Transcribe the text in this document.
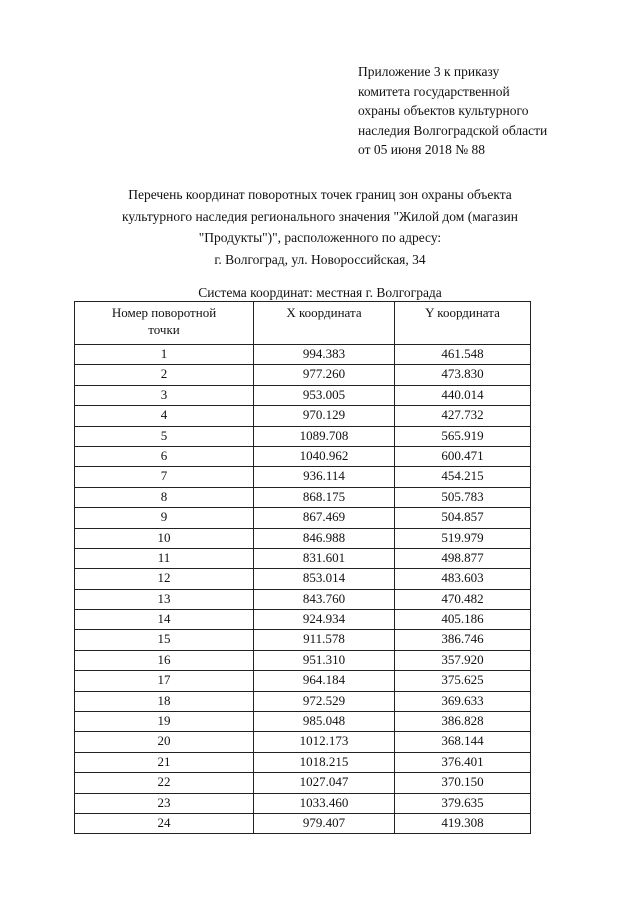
Приложение 3 к приказу
комитета государственной
охраны объектов культурного
наследия Волгоградской области
от 05 июня 2018 № 88
Перечень координат поворотных точек границ зон охраны объекта
культурного наследия регионального значения "Жилой дом (магазин
"Продукты")", расположенного по адресу:
г. Волгоград, ул. Новороссийская, 34
Система координат: местная г. Волгограда
Номер поворотной
точки	X координата	Y координата
1	994.383	461.548
2	977.260	473.830
3	953.005	440.014
4	970.129	427.732
5	1089.708	565.919
6	1040.962	600.471
7	936.114	454.215
8	868.175	505.783
9	867.469	504.857
10	846.988	519.979
11	831.601	498.877
12	853.014	483.603
13	843.760	470.482
14	924.934	405.186
15	911.578	386.746
16	951.310	357.920
17	964.184	375.625
18	972.529	369.633
19	985.048	386.828
20	1012.173	368.144
21	1018.215	376.401
22	1027.047	370.150
23	1033.460	379.635
24	979.407	419.308
